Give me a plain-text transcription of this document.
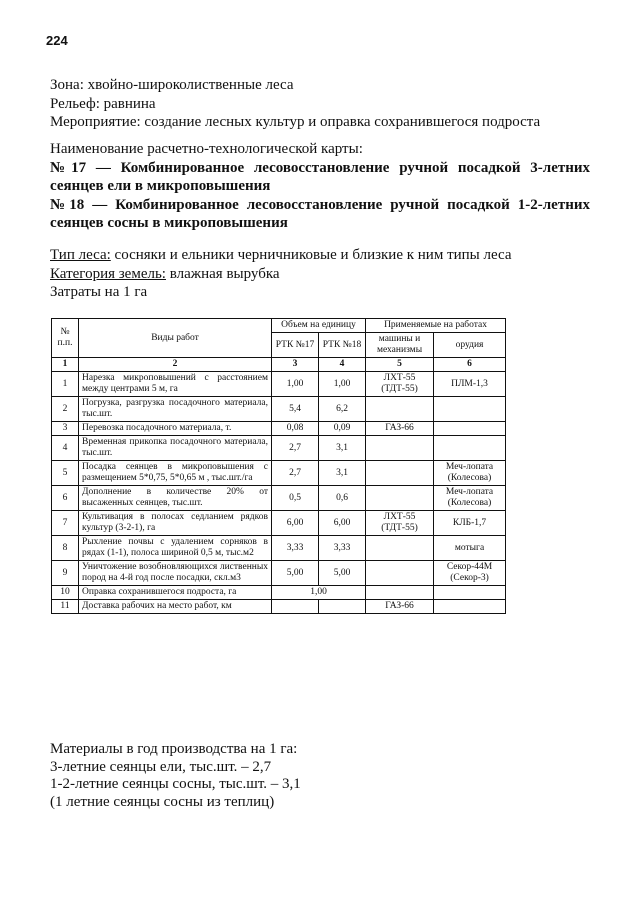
224
Зона: хвойно-широколиственные леса
Рельеф: равнина
Мероприятие: создание лесных культур и оправка сохранившегося подроста
Наименование расчетно-технологической карты:
№17 — Комбинированное лесовосстановление ручной посадкой 3-летних сеянцев ели в микроповышения
№18 — Комбинированное лесовосстановление ручной посадкой 1-2-летних сеянцев сосны в микроповышения
Тип леса: сосняки и ельники черничниковые и близкие к ним типы леса
Категория земель: влажная вырубка
Затраты на 1 га
№ п.п.	Виды работ	Объем на единицу		Применяемые на работах	
		РТК №17	РТК №18	машины и механизмы	орудия
1	2	3	4	5	6
1	Нарезка микроповышений с расстоянием между центрами 5 м, га	1,00	1,00	ЛХТ-55 (ТДТ-55)	ПЛМ-1,3
2	Погрузка, разгрузка посадочного материала, тыс.шт.	5,4	6,2		
3	Перевозка посадочного материала, т.	0,08	0,09	ГАЗ-66	
4	Временная прикопка посадочного материала, тыс.шт.	2,7	3,1		
5	Посадка сеянцев в микроповышения с размещением 5*0,75, 5*0,65 м , тыс.шт./га	2,7	3,1		Меч-лопата (Колесова)
6	Дополнение в количестве 20% от высаженных сеянцев, тыс.шт.	0,5	0,6		Меч-лопата (Колесова)
7	Культивация в полосах седланием рядков культур (3-2-1), га	6,00	6,00	ЛХТ-55 (ТДТ-55)	КЛБ-1,7
8	Рыхление почвы с удалением сорняков в рядах (1-1), полоса шириной 0,5 м, тыс.м2	3,33	3,33		мотыга
9	Уничтожение возобновляющихся лиственных пород на 4-й год после посадки, скл.м3	5,00	5,00		Секор-44М (Секор-3)
10	Оправка сохранившегося подроста, га	1,00			
11	Доставка рабочих на место работ, км			ГАЗ-66	
Материалы в год производства на 1 га:
3-летние сеянцы ели, тыс.шт. – 2,7
1-2-летние сеянцы сосны, тыс.шт. – 3,1
(1 летние сеянцы сосны из теплиц)
